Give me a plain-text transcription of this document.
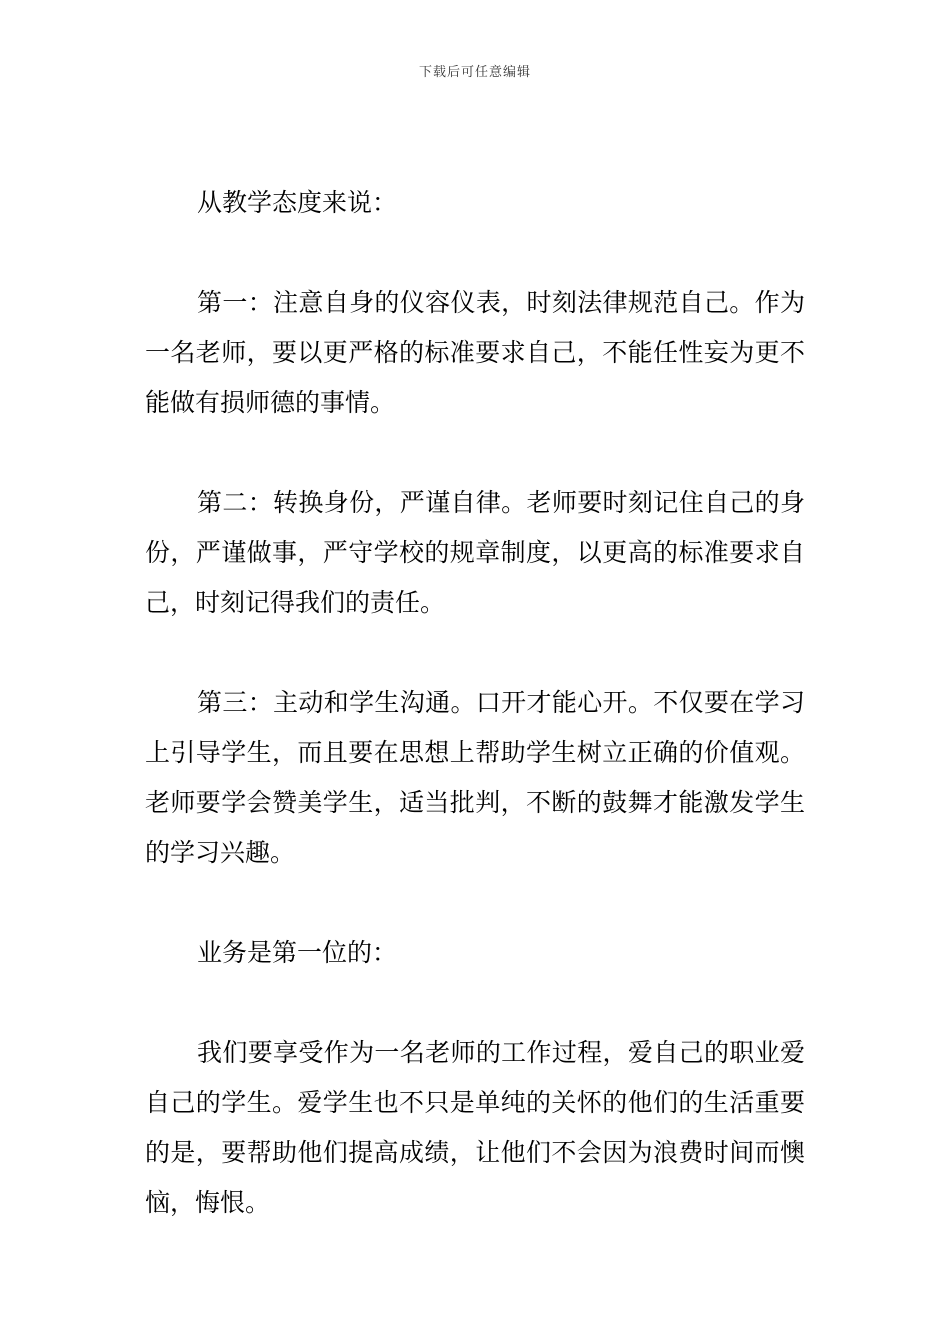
下载后可任意编辑

从教学态度来说：

第一：注意自身的仪容仪表，时刻法律规范自己。作为一名老师，要以更严格的标准要求自己，不能任性妄为更不能做有损师德的事情。

第二：转换身份，严谨自律。老师要时刻记住自己的身份，严谨做事，严守学校的规章制度，以更高的标准要求自己，时刻记得我们的责任。

第三：主动和学生沟通。口开才能心开。不仅要在学习上引导学生，而且要在思想上帮助学生树立正确的价值观。老师要学会赞美学生，适当批判，不断的鼓舞才能激发学生的学习兴趣。

业务是第一位的：

我们要享受作为一名老师的工作过程，爱自己的职业爱自己的学生。爱学生也不只是单纯的关怀的他们的生活重要的是，要帮助他们提高成绩，让他们不会因为浪费时间而懊恼，悔恨。
